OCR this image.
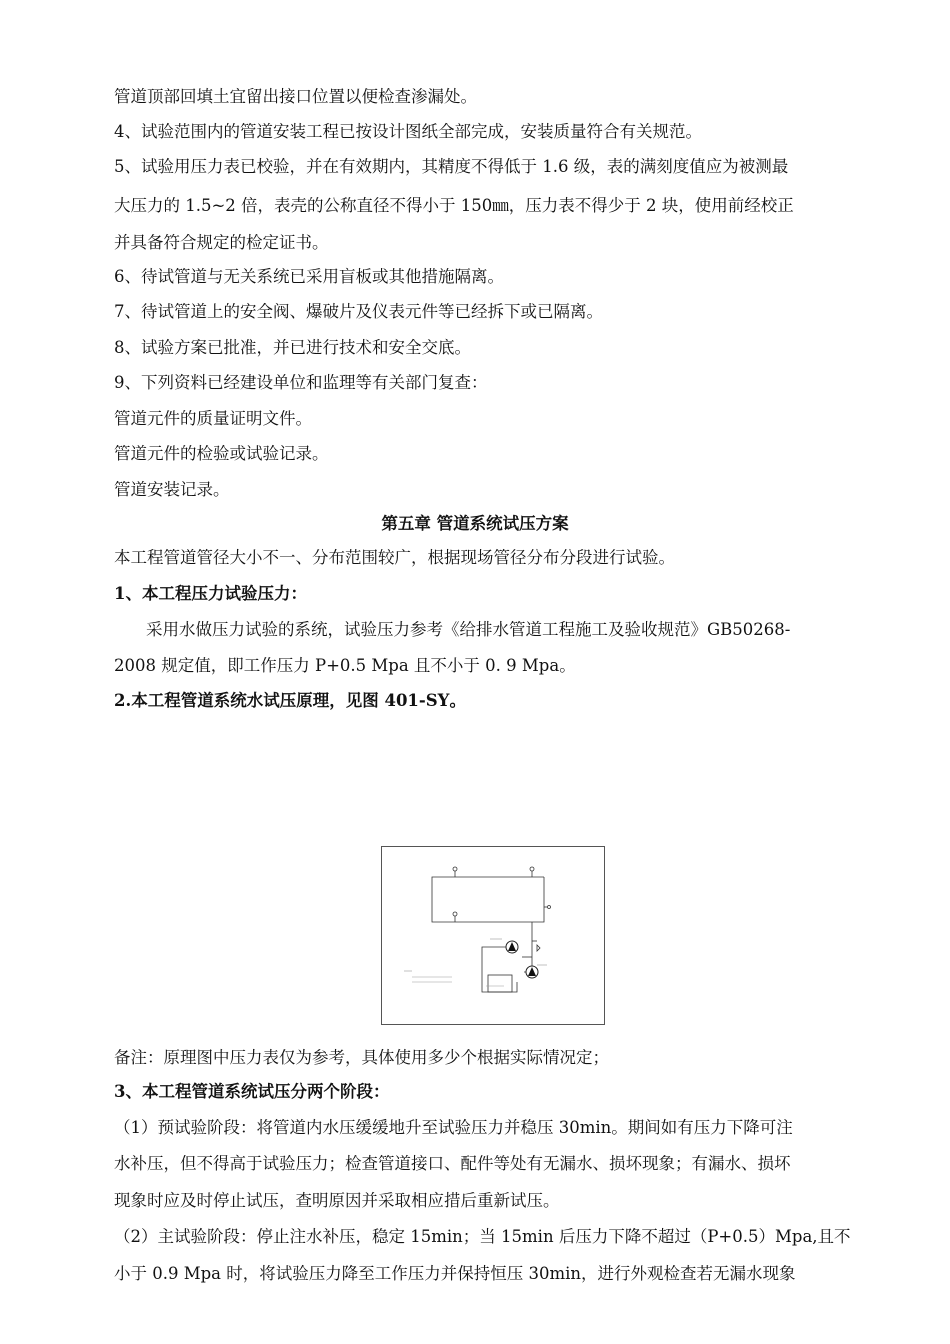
管道顶部回填土宜留出接口位置以便检查渗漏处。
4、试验范围内的管道安装工程已按设计图纸全部完成，安装质量符合有关规范。
5、试验用压力表已校验，并在有效期内，其精度不得低于 1.6 级，表的满刻度值应为被测最
大压力的 1.5~2 倍，表壳的公称直径不得小于 150㎜，压力表不得少于 2 块，使用前经校正
并具备符合规定的检定证书。
6、待试管道与无关系统已采用盲板或其他措施隔离。
7、待试管道上的安全阀、爆破片及仪表元件等已经拆下或已隔离。
8、试验方案已批准，并已进行技术和安全交底。
9、下列资料已经建设单位和监理等有关部门复查：
管道元件的质量证明文件。
管道元件的检验或试验记录。
管道安装记录。
第五章 管道系统试压方案
本工程管道管径大小不一、分布范围较广，根据现场管径分布分段进行试验。
1、本工程压力试验压力：
采用水做压力试验的系统，试验压力参考《给排水管道工程施工及验收规范》GB50268-
2008 规定值，即工作压力 P+0.5 Mpa 且不小于 0. 9 Mpa。
2.本工程管道系统水试压原理，见图 401-SY。
备注：原理图中压力表仅为参考，具体使用多少个根据实际情况定；
3、本工程管道系统试压分两个阶段：
（1）预试验阶段：将管道内水压缓缓地升至试验压力并稳压 30min。期间如有压力下降可注
水补压，但不得高于试验压力；检查管道接口、配件等处有无漏水、损坏现象；有漏水、损坏
现象时应及时停止试压，查明原因并采取相应措后重新试压。
（2）主试验阶段：停止注水补压，稳定 15min；当 15min 后压力下降不超过（P+0.5）Mpa,且不
小于 0.9 Mpa 时，将试验压力降至工作压力并保持恒压 30min，进行外观检查若无漏水现象
